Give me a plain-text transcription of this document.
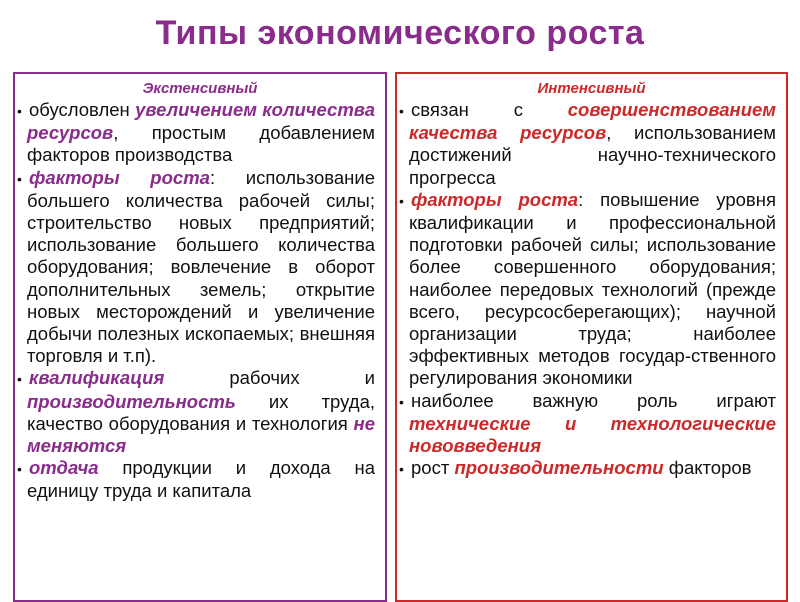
Типы экономического роста
Экстенсивный
• обусловлен увеличением количества ресурсов, простым добавлением факторов производства
• факторы роста: использование большего количества рабочей силы; строительство новых предприятий; использование большего количества оборудования; вовлечение в оборот дополнительных земель; открытие новых месторождений и увеличение добычи полезных ископаемых; внешняя торговля и т.п).
• квалификация рабочих и производительность их труда, качество оборудования и технология не меняются
• отдача продукции и дохода на единицу труда и капитала
Интенсивный
• связан с совершенствованием качества ресурсов, использованием достижений научно-технического прогресса
• факторы роста: повышение уровня квалификации и профессиональной подготовки рабочей силы; использование более совершенного оборудования; наиболее передовых технологий (прежде всего, ресурсосберегающих); научной организации труда; наиболее эффективных методов государ-ственного регулирования экономики
• наиболее важную роль играют технические и технологические нововведения
• рост производительности факторов
